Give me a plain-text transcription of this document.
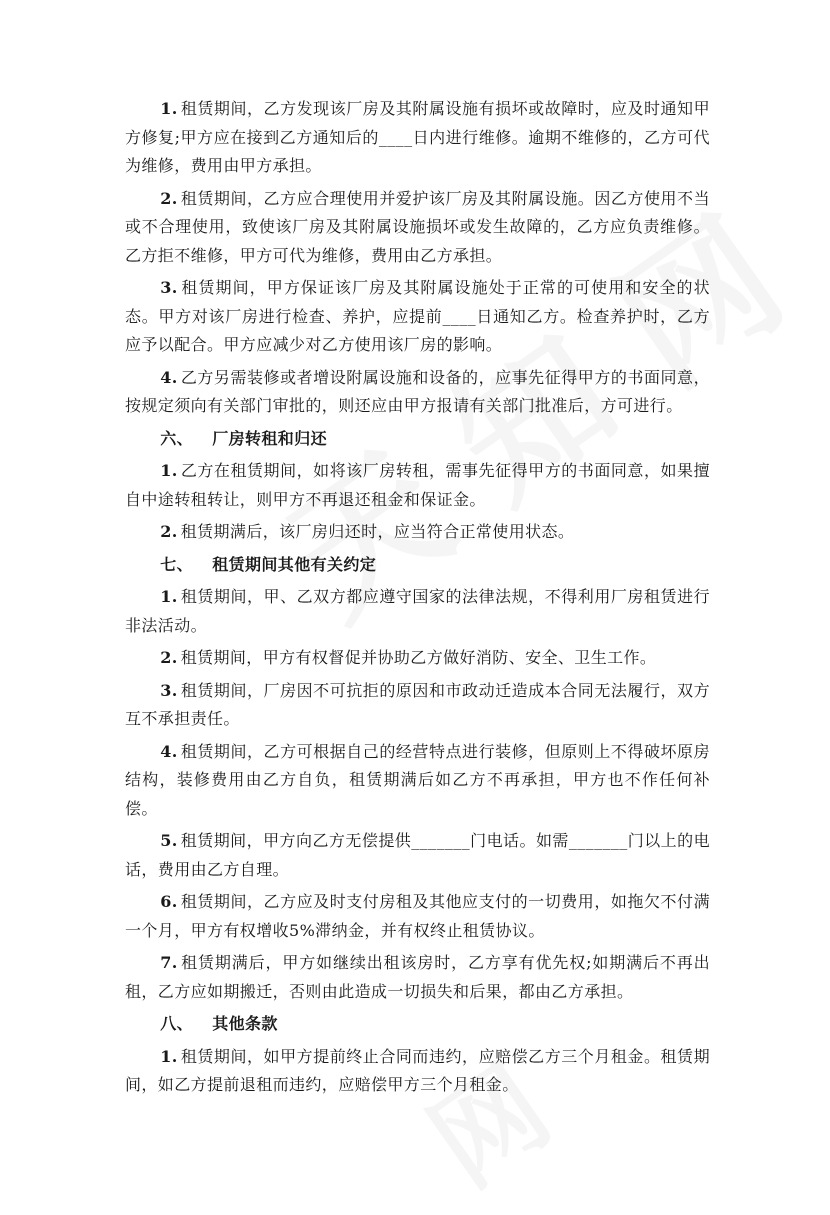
1. 租赁期间，乙方发现该厂房及其附属设施有损坏或故障时，应及时通知甲方修复;甲方应在接到乙方通知后的____日内进行维修。逾期不维修的，乙方可代为维修，费用由甲方承担。

2. 租赁期间，乙方应合理使用并爱护该厂房及其附属设施。因乙方使用不当或不合理使用，致使该厂房及其附属设施损坏或发生故障的，乙方应负责维修。乙方拒不维修，甲方可代为维修，费用由乙方承担。

3. 租赁期间，甲方保证该厂房及其附属设施处于正常的可使用和安全的状态。甲方对该厂房进行检查、养护，应提前____日通知乙方。检查养护时，乙方应予以配合。甲方应减少对乙方使用该厂房的影响。

4. 乙方另需装修或者增设附属设施和设备的，应事先征得甲方的书面同意，按规定须向有关部门审批的，则还应由甲方报请有关部门批准后，方可进行。

六、 厂房转租和归还

1. 乙方在租赁期间，如将该厂房转租，需事先征得甲方的书面同意，如果擅自中途转租转让，则甲方不再退还租金和保证金。

2. 租赁期满后，该厂房归还时，应当符合正常使用状态。

七、 租赁期间其他有关约定

1. 租赁期间，甲、乙双方都应遵守国家的法律法规，不得利用厂房租赁进行非法活动。

2. 租赁期间，甲方有权督促并协助乙方做好消防、安全、卫生工作。

3. 租赁期间，厂房因不可抗拒的原因和市政动迁造成本合同无法履行，双方互不承担责任。

4. 租赁期间，乙方可根据自己的经营特点进行装修，但原则上不得破坏原房结构，装修费用由乙方自负，租赁期满后如乙方不再承担，甲方也不作任何补偿。

5. 租赁期间，甲方向乙方无偿提供_______门电话。如需_______门以上的电话，费用由乙方自理。

6. 租赁期间，乙方应及时支付房租及其他应支付的一切费用，如拖欠不付满一个月，甲方有权增收5%滞纳金，并有权终止租赁协议。

7. 租赁期满后，甲方如继续出租该房时，乙方享有优先权;如期满后不再出租，乙方应如期搬迁，否则由此造成一切损失和后果，都由乙方承担。

八、 其他条款

1. 租赁期间，如甲方提前终止合同而违约，应赔偿乙方三个月租金。租赁期间，如乙方提前退租而违约，应赔偿甲方三个月租金。
